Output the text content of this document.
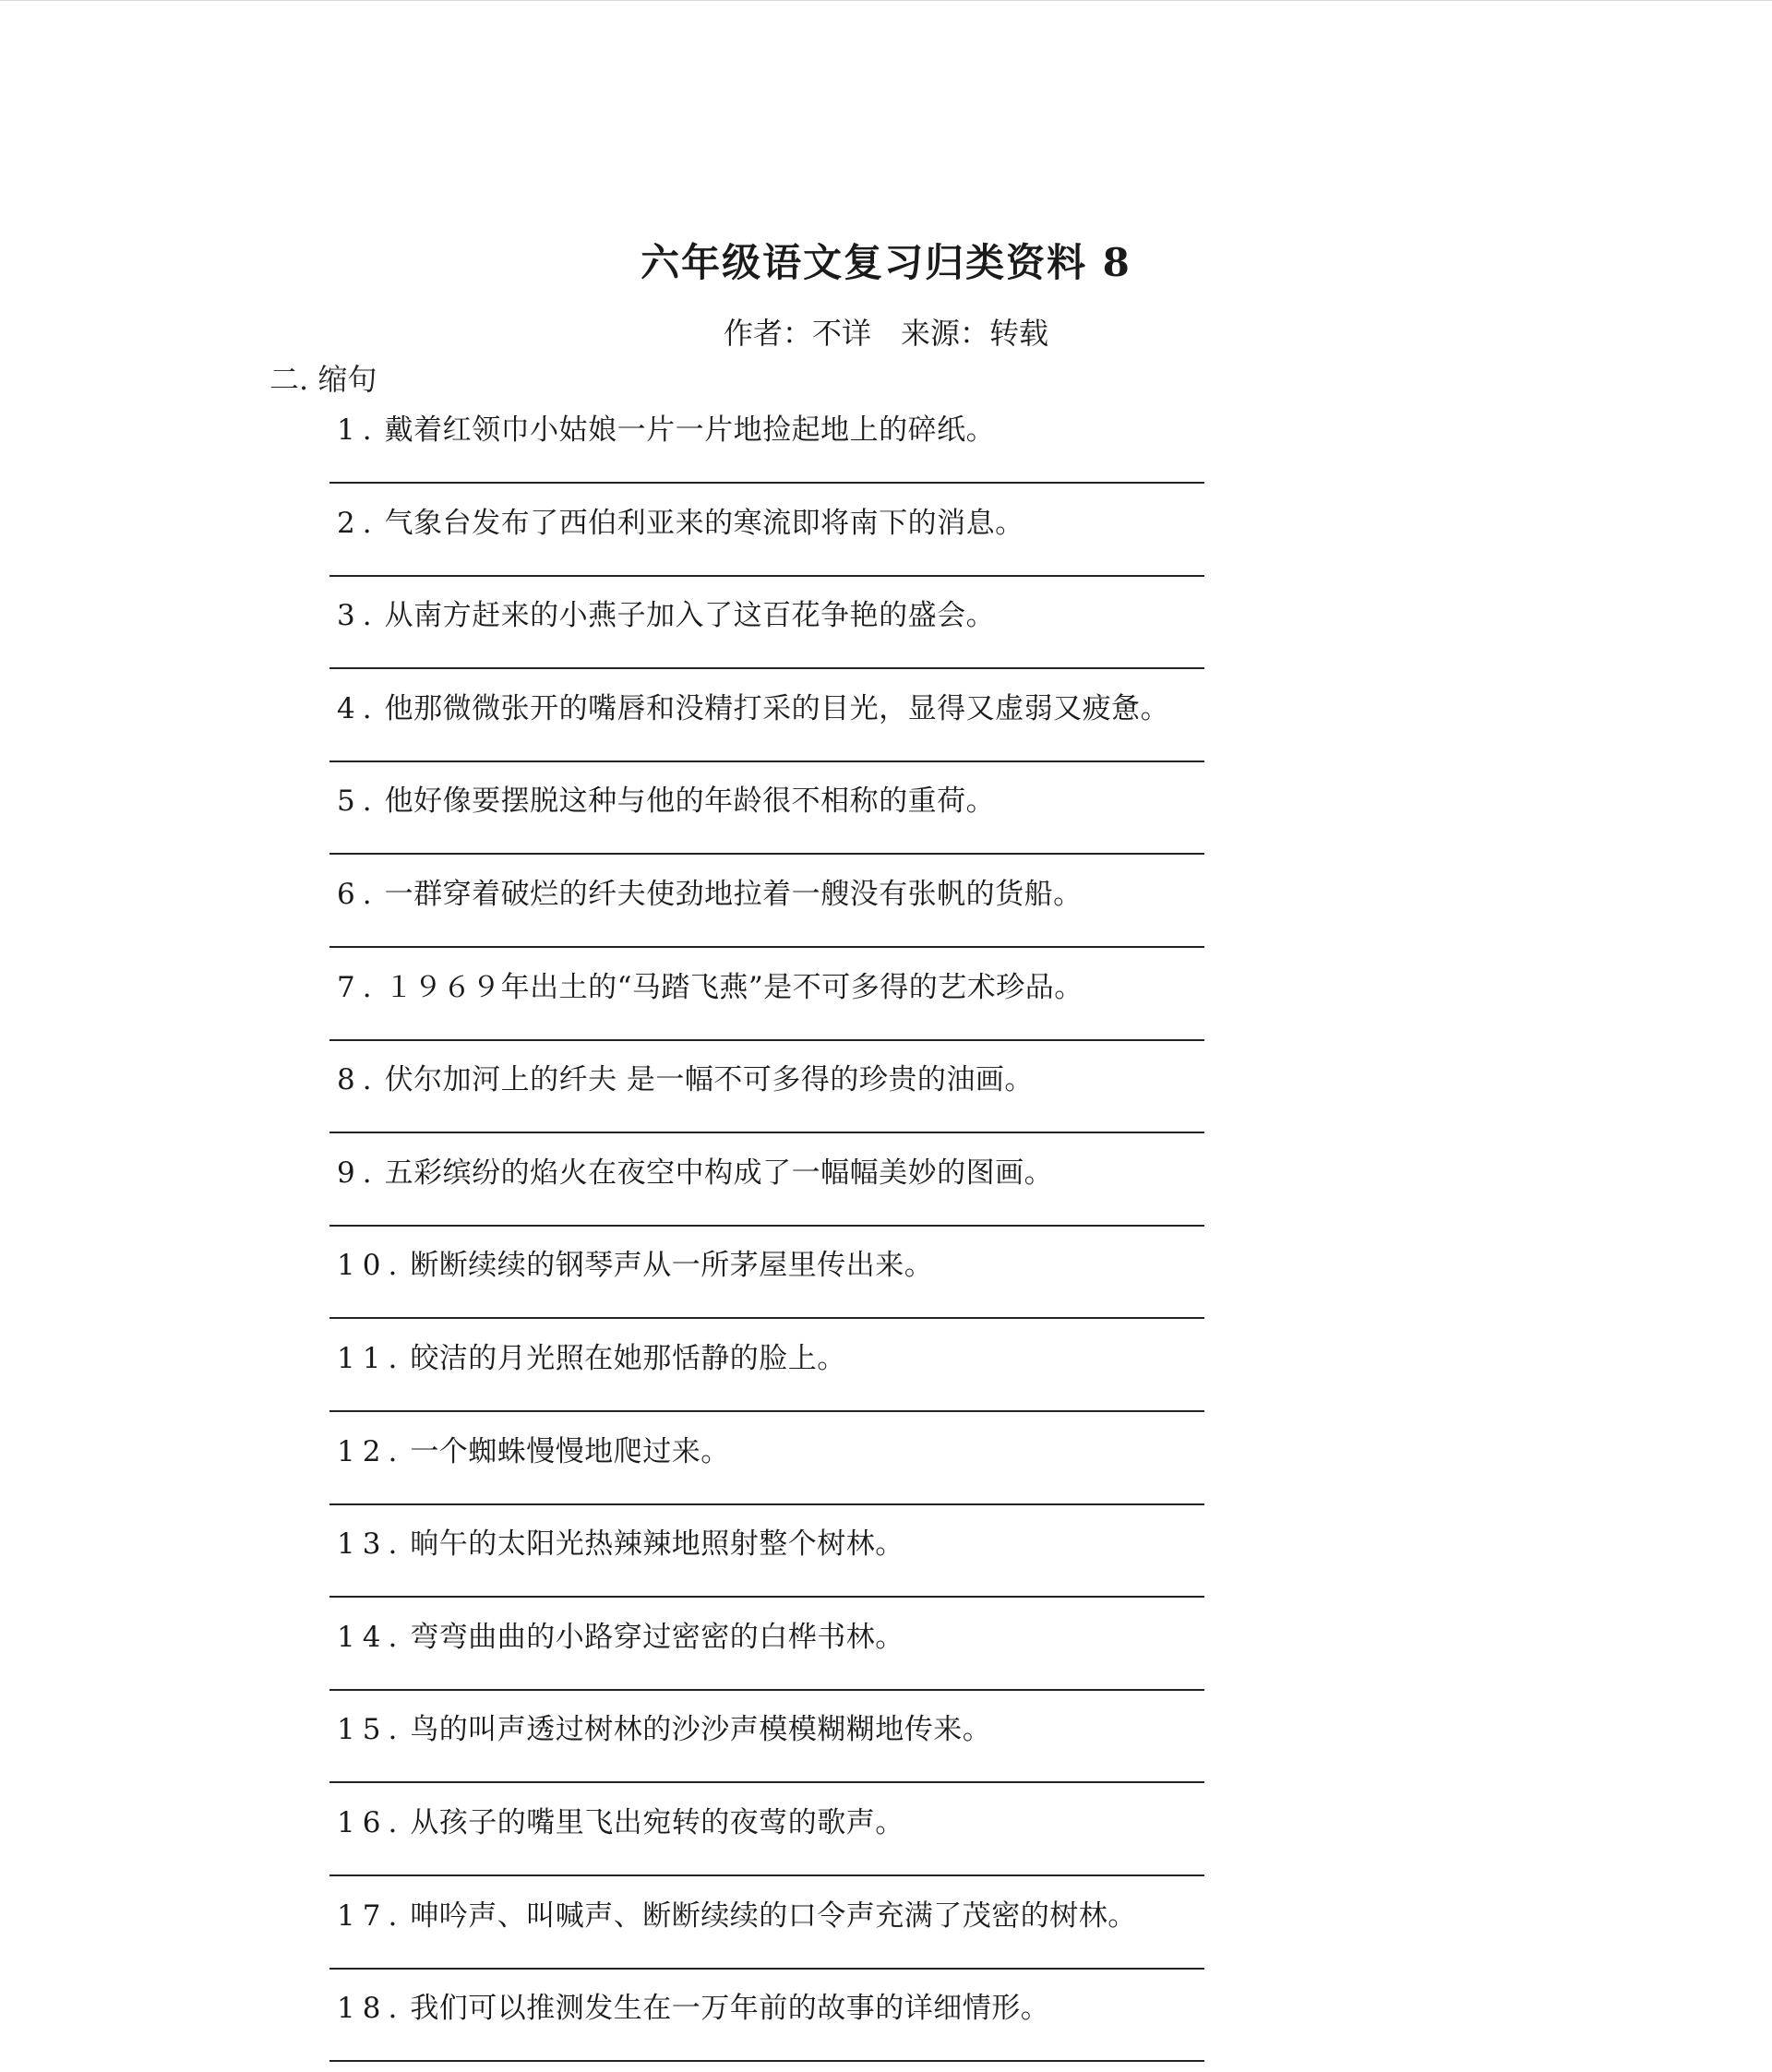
六年级语文复习归类资料 8
作者：不详　来源：转载
二. 缩句
1. 戴着红领巾小姑娘一片一片地捡起地上的碎纸。
2. 气象台发布了西伯利亚来的寒流即将南下的消息。
3. 从南方赶来的小燕子加入了这百花争艳的盛会。
4. 他那微微张开的嘴唇和没精打采的目光，显得又虚弱又疲惫。
5. 他好像要摆脱这种与他的年龄很不相称的重荷。
6. 一群穿着破烂的纤夫使劲地拉着一艘没有张帆的货船。
7. １９６９年出土的“马踏飞燕”是不可多得的艺术珍品。
8. 伏尔加河上的纤夫 是一幅不可多得的珍贵的油画。
9. 五彩缤纷的焰火在夜空中构成了一幅幅美妙的图画。
10. 断断续续的钢琴声从一所茅屋里传出来。
11. 皎洁的月光照在她那恬静的脸上。
12. 一个蜘蛛慢慢地爬过来。
13. 晌午的太阳光热辣辣地照射整个树林。
14. 弯弯曲曲的小路穿过密密的白桦书林。
15. 鸟的叫声透过树林的沙沙声模模糊糊地传来。
16. 从孩子的嘴里飞出宛转的夜莺的歌声。
17. 呻吟声、叫喊声、断断续续的口令声充满了茂密的树林。
18. 我们可以推测发生在一万年前的故事的详细情形。
